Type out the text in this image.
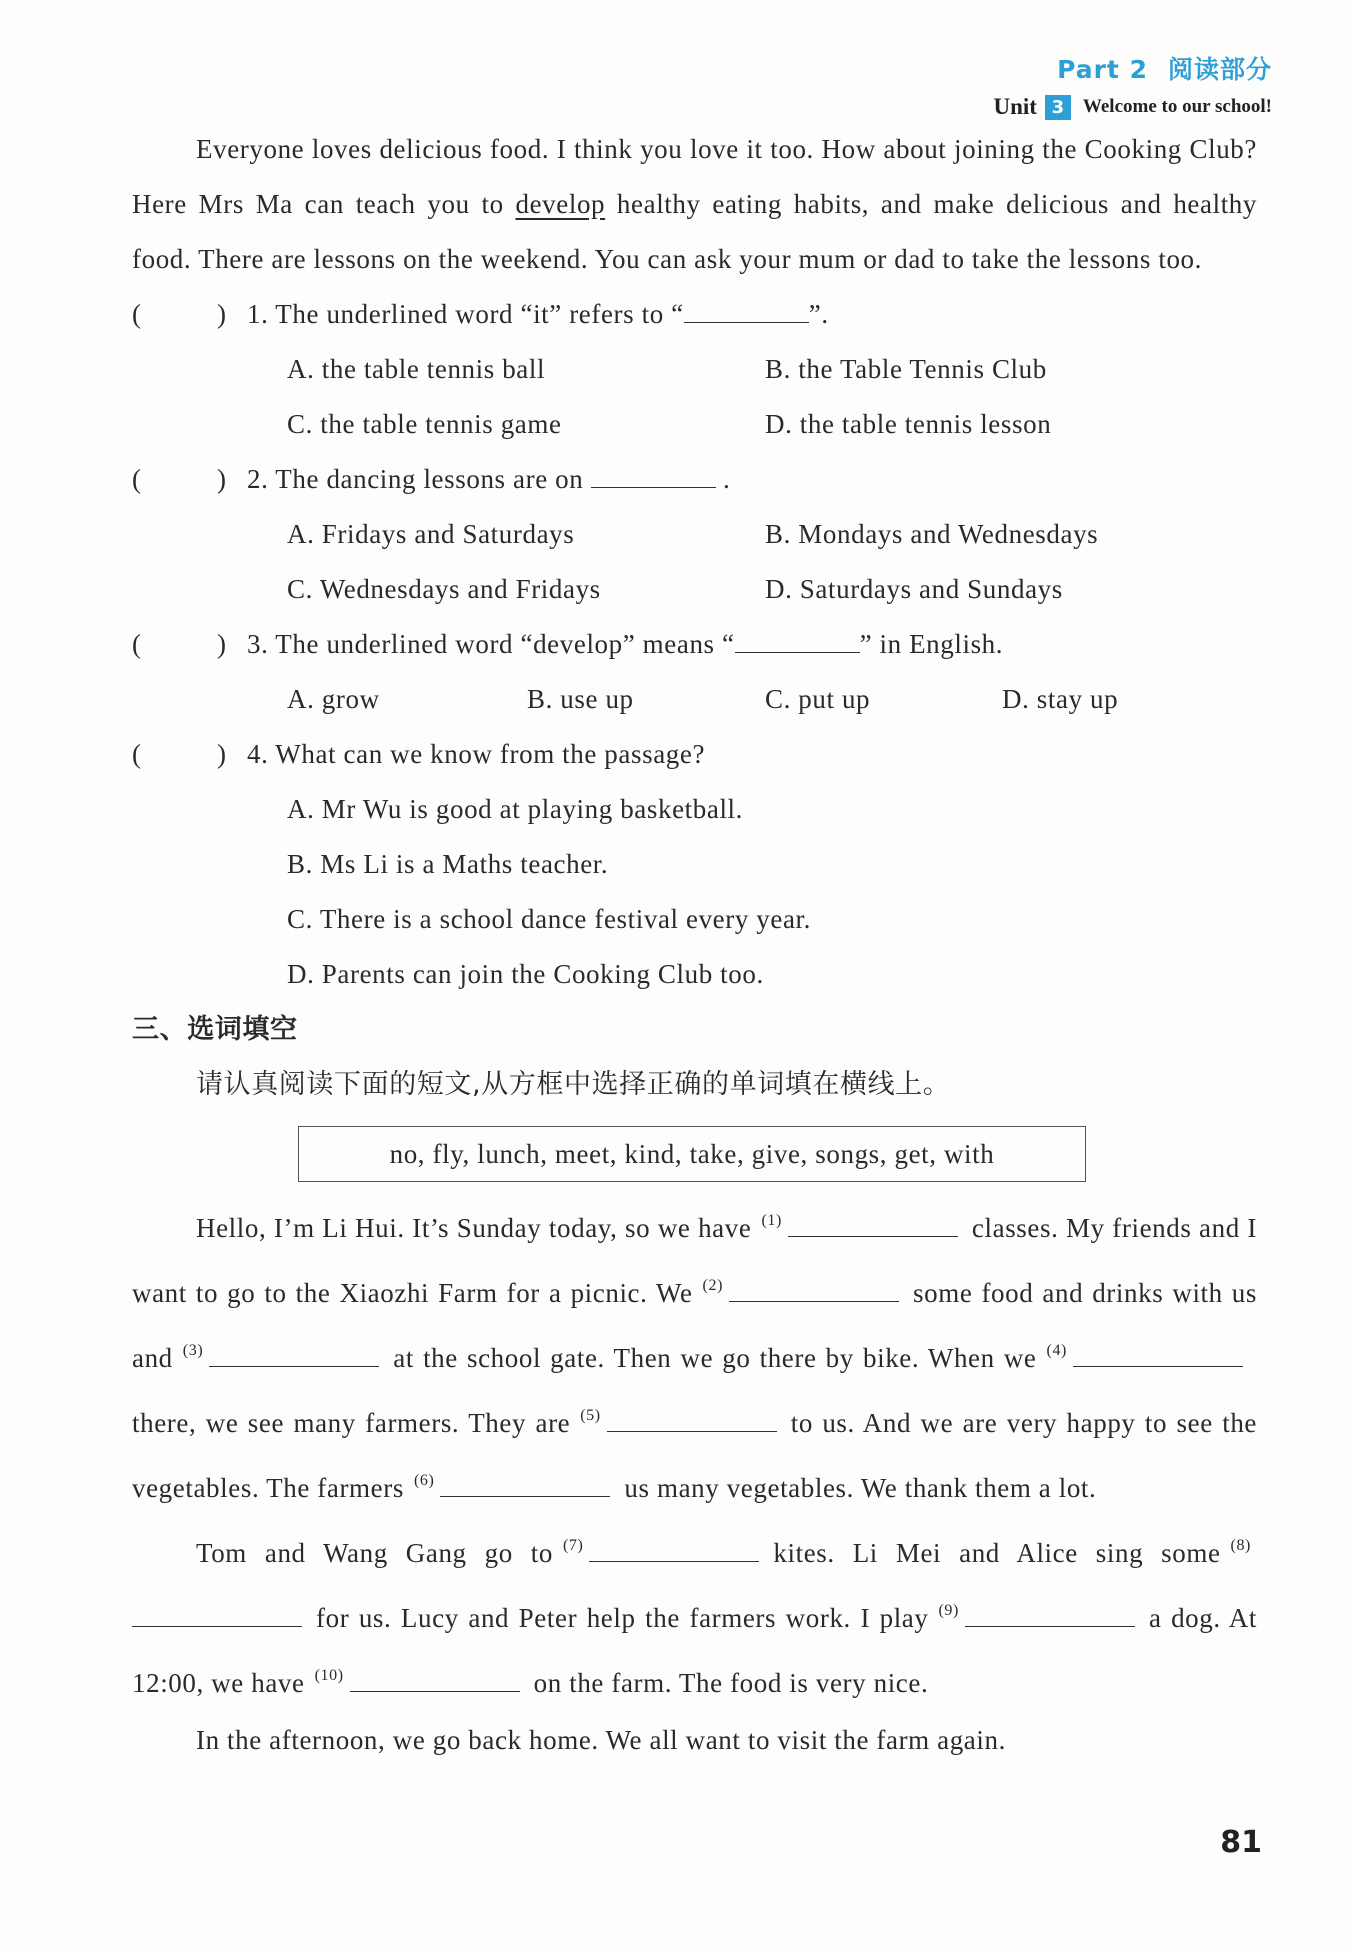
Part 2 阅读部分
Unit 3 Welcome to our school!

Everyone loves delicious food. I think you love it too. How about joining the Cooking Club? Here Mrs Ma can teach you to develop healthy eating habits, and make delicious and healthy food. There are lessons on the weekend. You can ask your mum or dad to take the lessons too.

(	) 1. The underlined word “it” refers to “	”.
A. the table tennis ball	B. the Table Tennis Club
C. the table tennis game	D. the table tennis lesson
(	) 2. The dancing lessons are on	.
A. Fridays and Saturdays	B. Mondays and Wednesdays
C. Wednesdays and Fridays	D. Saturdays and Sundays
(	) 3. The underlined word “develop” means “	” in English.
A. grow	B. use up	C. put up	D. stay up
(	) 4. What can we know from the passage?
A. Mr Wu is good at playing basketball.
B. Ms Li is a Maths teacher.
C. There is a school dance festival every year.
D. Parents can join the Cooking Club too.
三、选词填空
请认真阅读下面的短文,从方框中选择正确的单词填在横线上。
no, fly, lunch, meet, kind, take, give, songs, get, with

Hello, I’m Li Hui. It’s Sunday today, so we have $^{(1)}$	classes. My friends and I want to go to the Xiaozhi Farm for a picnic. We $^{(2)}$	some food and drinks with us and $^{(3)}$	at the school gate. Then we go there by bike. When we $^{(4)}$there, we see many farmers. They are $^{(5)}$	to us. And we are very happy to see the vegetables. The farmers $^{(6)}$	us many vegetables. We thank them a lot.

Tom and Wang Gang go to $^{(7)}$	kites. Li Mei and Alice sing some $^{(8)}$for us. Lucy and Peter help the farmers work. I play $^{(9)}$	a dog. At 12:00, we have $^{(10)}$	on the farm. The food is very nice.

In the afternoon, we go back home. We all want to visit the farm again.

81
